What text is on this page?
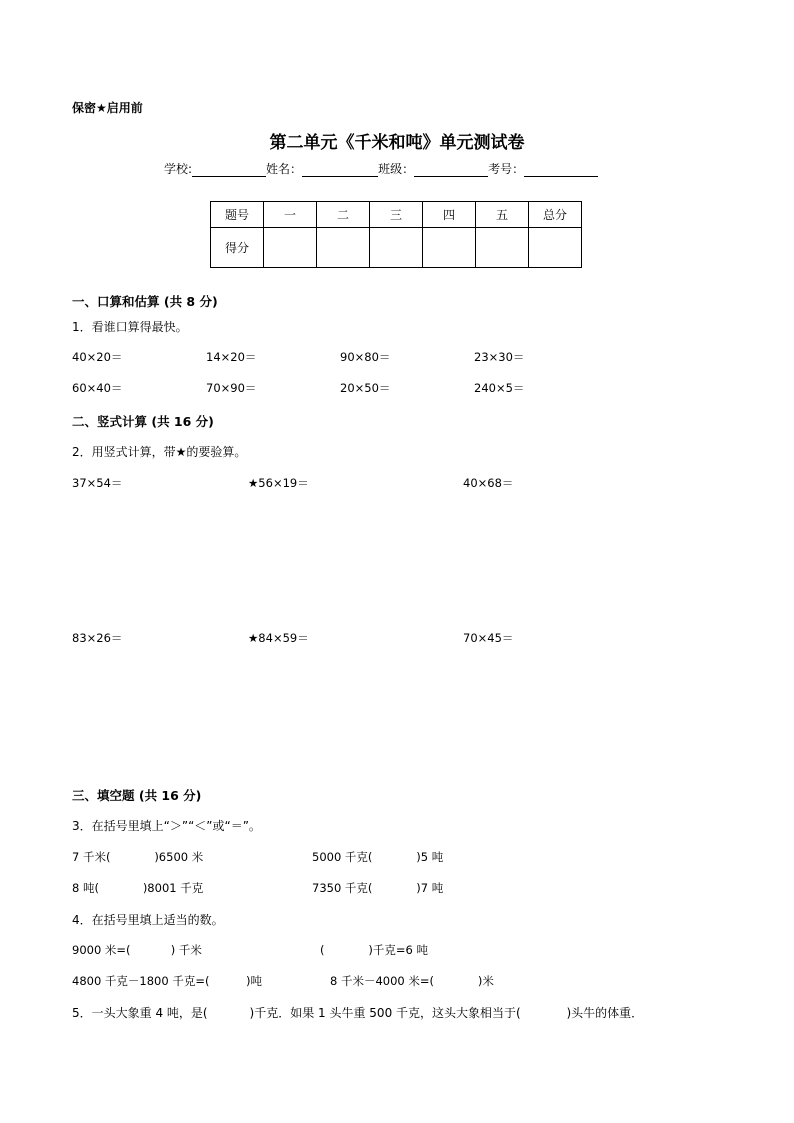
保密★启用前
第二单元《千米和吨》单元测试卷
学校:	姓名：	班级：	考号：
题号	一	二	三	四	五	总分
得分						
一、口算和估算 (共 8 分)
1．看谁口算得最快。
40×20＝	14×20＝	90×80＝	23×30＝
60×40＝	70×90＝	20×50＝	240×5＝
二、竖式计算 (共 16 分)
2．用竖式计算，带★的要验算。
37×54＝	★56×19＝	40×68＝
83×26＝	★84×59＝	70×45＝
三、填空题 (共 16 分)
3．在括号里填上“＞”“＜”或“＝”。
7 千米(            )6500 米	5000 千克(            )5 吨
8 吨(            )8001 千克	7350 千克(            )7 吨
4．在括号里填上适当的数。
9000 米=(           ) 千米	(            )千克=6 吨
4800 千克－1800 千克=(          )吨	8 千米－4000 米=(            )米
5．一头大象重 4 吨，是(           )千克．如果 1 头牛重 500 千克，这头大象相当于(            )头牛的体重．
